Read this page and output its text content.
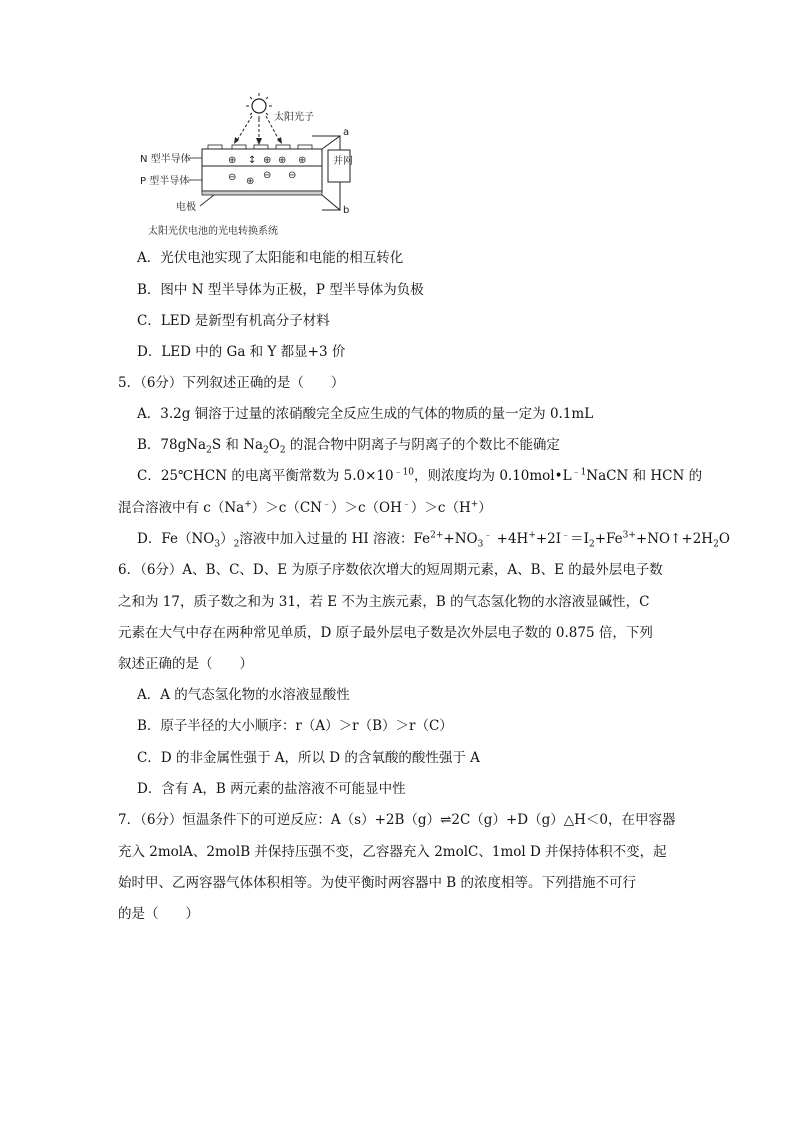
太阳光子
⊕ ↕ ⊕ ⊕ ⊕
⊖ ⊕
⊖ ⊖
N 型半导体
P 型半导体
电极
并网
a
b
太阳光伏电池的光电转换系统
A．光伏电池实现了太阳能和电能的相互转化
B．图中 N 型半导体为正极，P 型半导体为负极
C．LED 是新型有机高分子材料
D．LED 中的 Ga 和 Y 都显+3 价
5．（6分）下列叙述正确的是（　　）
A．3.2g 铜溶于过量的浓硝酸完全反应生成的气体的物质的量一定为 0.1mL
B．78gNa$_2$S 和 $Na_2O_2$ 的混合物中阴离子与阴离子的个数比不能确定
C．25℃HCN 的电离平衡常数为 $5.0\times 10^{﹣10}$，则浓度均为 $0.10mol•L^{﹣1}NaCN$ 和 HCN 的
混合溶液中有 c（Na+）＞c（CN﹣）＞c（OH﹣）＞c（H+）
D．$Fe(NO_3)_2$溶液中加入过量的 HI 溶液：$Fe^{2+}+NO_3^﹣$ $+4H^++2I^﹣=I_2+Fe^{3+}+NO↑+2H_2O$
6．（6分）A、B、C、D、E 为原子序数依次增大的短周期元素，A、B、E 的最外层电子数
之和为 17，质子数之和为 31，若 E 不为主族元素，B 的气态氢化物的水溶液显碱性，C
元素在大气中存在两种常见单质，D 原子最外层电子数是次外层电子数的 0.875 倍，下列
叙述正确的是（　　）
A．A 的气态氢化物的水溶液显酸性
B．原子半径的大小顺序：r（A）＞r（B）＞r（C）
C．D 的非金属性强于 A，所以 D 的含氧酸的酸性强于 A
D．含有 A，B 两元素的盐溶液不可能显中性
7．（6分）恒温条件下的可逆反应：A（s）+2B（g）⇌2C（g）+D（g）△H＜0，在甲容器
充入 2molA、2molB 并保持压强不变，乙容器充入 2molC、1mol D 并保持体积不变，起
始时甲、乙两容器气体体积相等。为使平衡时两容器中 B 的浓度相等。下列措施不可行
的是（　　）
